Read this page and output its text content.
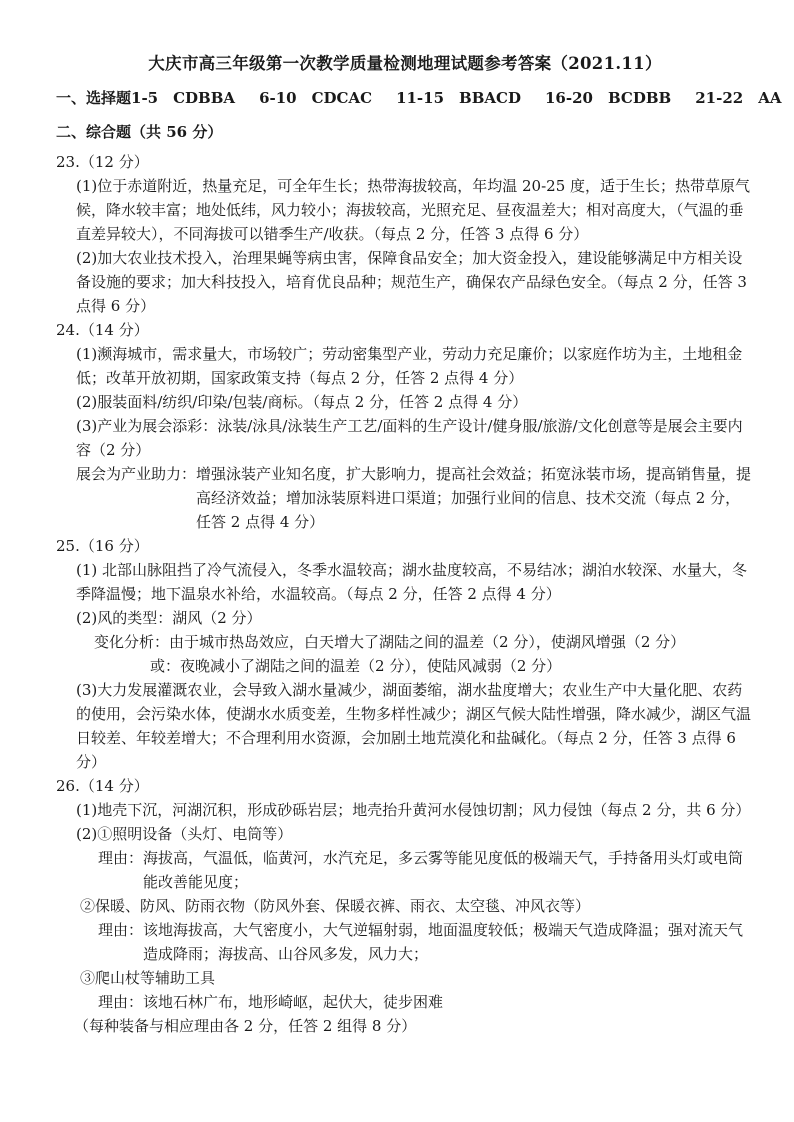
大庆市高三年级第一次教学质量检测地理试题参考答案（2021.11）
一、选择题1-5　CDBBA 6-10　CDCAC 11-15　BBACD 16-20　BCDBB 21-22　AA
二、综合题（共 56 分）

23.（12 分）

(1)位于赤道附近，热量充足，可全年生长；热带海拔较高，年均温 20-25 度，适于生长；热带草原气候，降水较丰富；地处低纬，风力较小；海拔较高，光照充足、昼夜温差大；相对高度大，（气温的垂直差异较大），不同海拔可以错季生产/收获。（每点 2 分，任答 3 点得 6 分）

(2)加大农业技术投入，治理果蝇等病虫害，保障食品安全；加大资金投入，建设能够满足中方相关设备设施的要求；加大科技投入，培育优良品种；规范生产，确保农产品绿色安全。（每点 2 分，任答 3 点得 6 分）

24.（14 分）

(1)濒海城市，需求量大，市场较广；劳动密集型产业，劳动力充足廉价；以家庭作坊为主，土地租金低；改革开放初期，国家政策支持（每点 2 分，任答 2 点得 4 分）

(2)服装面料/纺织/印染/包装/商标。（每点 2 分，任答 2 点得 4 分）

(3)产业为展会添彩：泳装/泳具/泳装生产工艺/面料的生产设计/健身服/旅游/文化创意等是展会主要内容（2 分）

展会为产业助力： 增强泳装产业知名度，扩大影响力，提高社会效益；拓宽泳装市场，提高销售量，提高经济效益；增加泳装原料进口渠道；加强行业间的信息、技术交流（每点 2 分，任答 2 点得 4 分）

25.（16 分）

(1) 北部山脉阻挡了冷气流侵入，冬季水温较高；湖水盐度较高，不易结冰；湖泊水较深、水量大，冬季降温慢；地下温泉水补给，水温较高。（每点 2 分，任答 2 点得 4 分）

(2)风的类型：湖风（2 分）

变化分析： 由于城市热岛效应，白天增大了湖陆之间的温差（2 分），使湖风增强（2 分）
或： 夜晚减小了湖陆之间的温差（2 分），使陆风减弱（2 分）

(3)大力发展灌溉农业，会导致入湖水量减少，湖面萎缩，湖水盐度增大；农业生产中大量化肥、农药的使用，会污染水体，使湖水水质变差，生物多样性减少；湖区气候大陆性增强，降水减少，湖区气温日较差、年较差增大；不合理利用水资源，会加剧土地荒漠化和盐碱化。（每点 2 分，任答 3 点得 6 分）

26.（14 分）

(1)地壳下沉，河湖沉积，形成砂砾岩层；地壳抬升黄河水侵蚀切割；风力侵蚀（每点 2 分，共 6 分）

(2)①照明设备（头灯、电筒等）

理由： 海拔高，气温低，临黄河，水汽充足，多云雾等能见度低的极端天气，手持备用头灯或电筒能改善能见度；

②保暖、防风、防雨衣物（防风外套、保暖衣裤、雨衣、太空毯、冲风衣等）

理由： 该地海拔高，大气密度小，大气逆辐射弱，地面温度较低；极端天气造成降温；强对流天气造成降雨；海拔高、山谷风多发，风力大；

③爬山杖等辅助工具

理由： 该地石林广布，地形崎岖，起伏大，徒步困难

（每种装备与相应理由各 2 分，任答 2 组得 8 分）
